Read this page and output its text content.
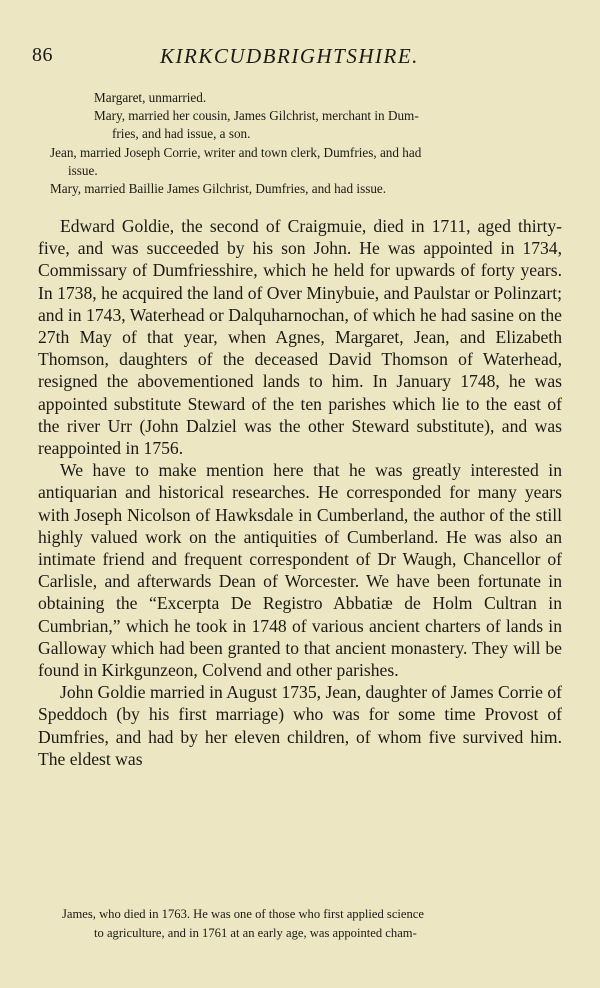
86	KIRKCUDBRIGHTSHIRE.
Margaret, unmarried.
Mary, married her cousin, James Gilchrist, merchant in Dum-
fries, and had issue, a son.
Jean, married Joseph Corrie, writer and town clerk, Dumfries, and had
issue.
Mary, married Baillie James Gilchrist, Dumfries, and had issue.

Edward Goldie, the second of Craigmuie, died in 1711, aged thirty-five, and was succeeded by his son John. He was appointed in 1734, Commissary of Dumfriesshire, which he held for upwards of forty years. In 1738, he acquired the land of Over Minybuie, and Paulstar or Polinzart; and in 1743, Waterhead or Dalquharnochan, of which he had sasine on the 27th May of that year, when Agnes, Margaret, Jean, and Elizabeth Thomson, daughters of the deceased David Thomson of Waterhead, resigned the abovementioned lands to him. In January 1748, he was appointed substitute Steward of the ten parishes which lie to the east of the river Urr (John Dalziel was the other Steward substitute), and was reappointed in 1756.

We have to make mention here that he was greatly interested in antiquarian and historical researches. He corresponded for many years with Joseph Nicolson of Hawksdale in Cumberland, the author of the still highly valued work on the antiquities of Cumberland. He was also an intimate friend and frequent correspondent of Dr Waugh, Chancellor of Carlisle, and afterwards Dean of Worcester. We have been fortunate in obtaining the “Excerpta De Registro Abbatiæ de Holm Cultran in Cumbrian,” which he took in 1748 of various ancient charters of lands in Galloway which had been granted to that ancient monastery. They will be found in Kirkgunzeon, Colvend and other parishes.

John Goldie married in August 1735, Jean, daughter of James Corrie of Speddoch (by his first marriage) who was for some time Provost of Dumfries, and had by her eleven children, of whom five survived him. The eldest was

James, who died in 1763. He was one of those who first applied science
to agriculture, and in 1761 at an early age, was appointed cham-
